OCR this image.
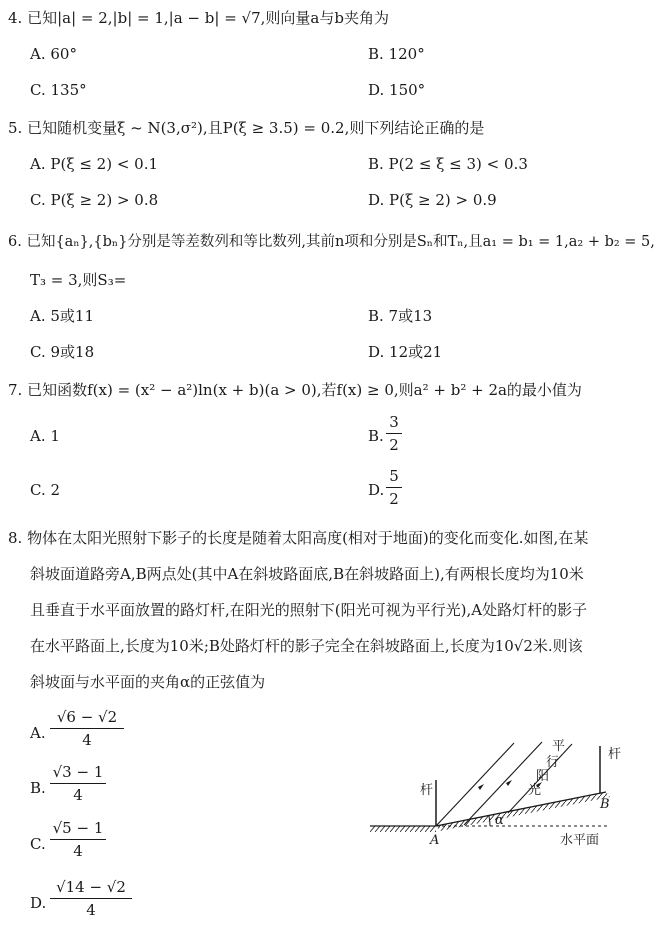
4. 已知|a| = 2,|b| = 1,|a − b| = √7,则向量a与b夹角为
A. 60°	B. 120°
C. 135°	D. 150°
5. 已知随机变量ξ ~ N(3,σ²),且P(ξ ≥ 3.5) = 0.2,则下列结论正确的是
A. P(ξ ≤ 2) < 0.1	B. P(2 ≤ ξ ≤ 3) < 0.3
C. P(ξ ≥ 2) > 0.8	D. P(ξ ≥ 2) > 0.9
6. 已知{aₙ},{bₙ}分别是等差数列和等比数列,其前n项和分别是Sₙ和Tₙ,且a₁ = b₁ = 1,a₂ + b₂ = 5,
T₃ = 3,则S₃=
A. 5或11	B. 7或13
C. 9或18	D. 12或21
7. 已知函数f(x) = (x² − a²)ln(x + b)(a > 0),若f(x) ≥ 0,则a² + b² + 2a的最小值为
A. 1	B.
3
2
C. 2	D.
5
2
8. 物体在太阳光照射下影子的长度是随着太阳高度(相对于地面)的变化而变化.如图,在某
斜坡面道路旁A,B两点处(其中A在斜坡路面底,B在斜坡路面上),有两根长度均为10米
且垂直于水平面放置的路灯杆,在阳光的照射下(阳光可视为平行光),A处路灯杆的影子
在水平路面上,长度为10米;B处路灯杆的影子完全在斜坡路面上,长度为10√2米.则该
斜坡面与水平面的夹角α的正弦值为
A.
√6 − √2
4
B.
√3 − 1
4
C.
√5 − 1
4
D.
√14 − √2
4
杆
杆
平
行
阳
光
A
B
α
水平面
